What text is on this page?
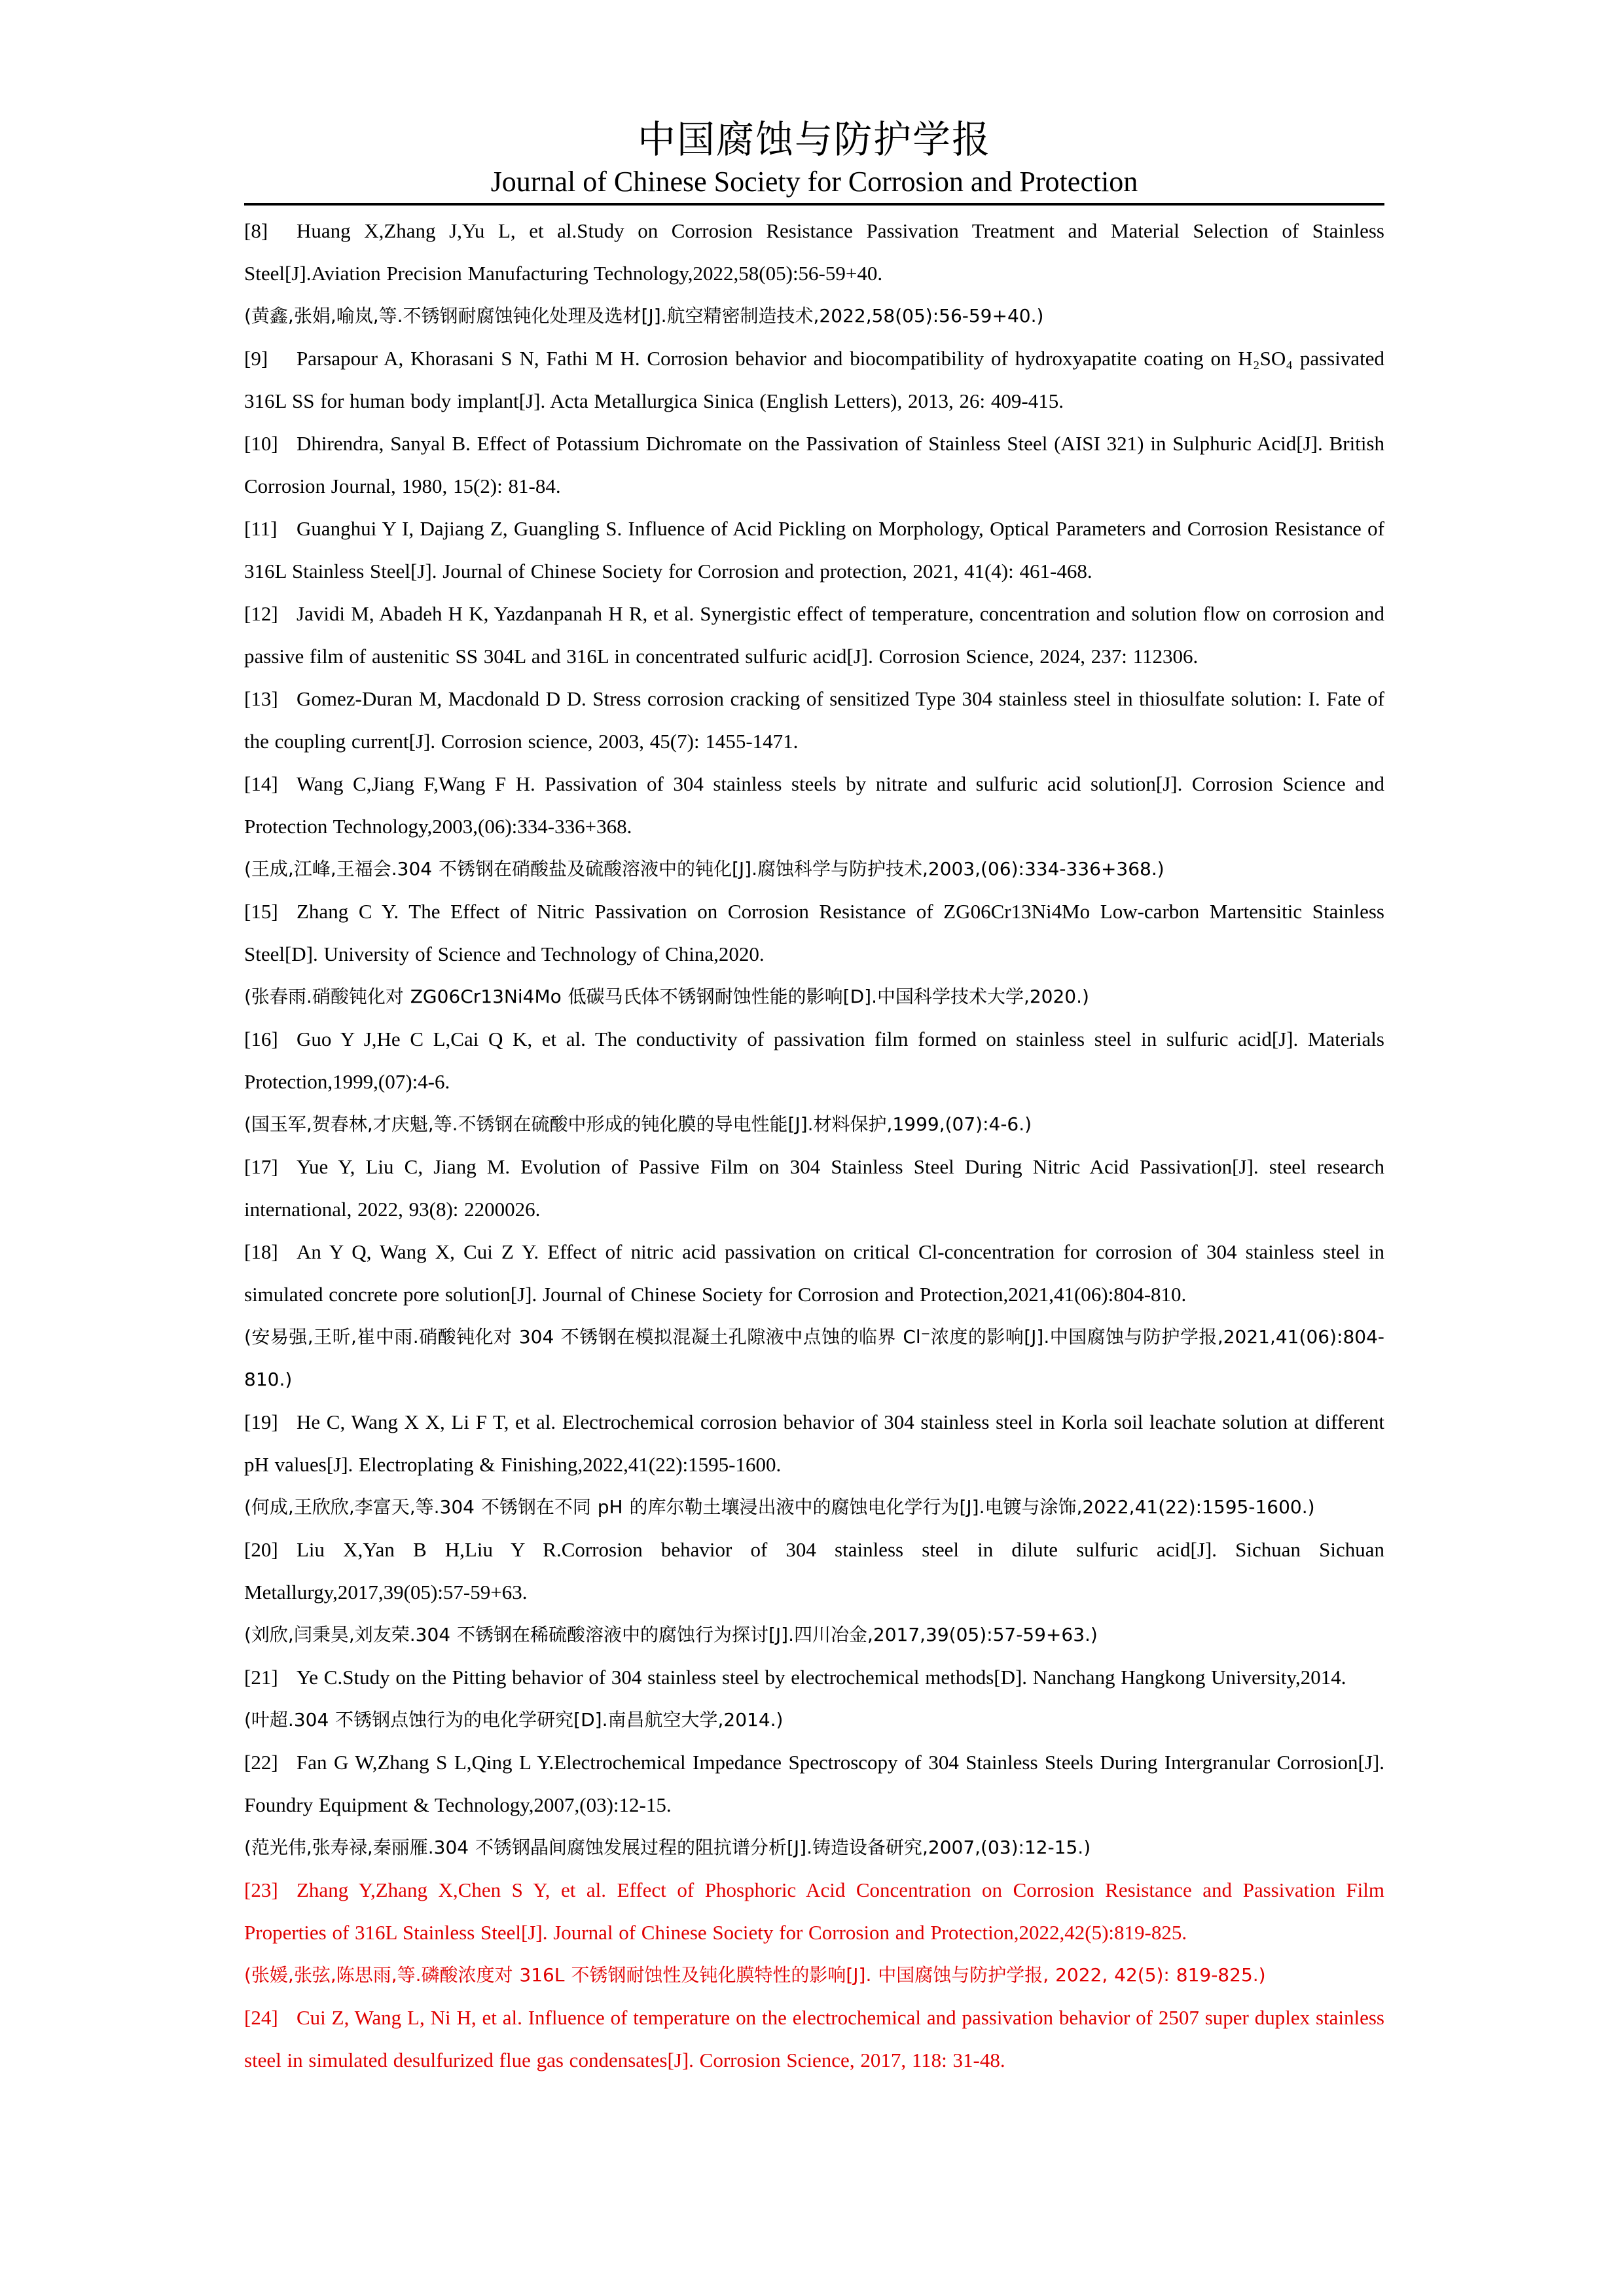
中国腐蚀与防护学报
Journal of Chinese Society for Corrosion and Protection

[8] Huang X,Zhang J,Yu L, et al.Study on Corrosion Resistance Passivation Treatment and Material Selection of Stainless Steel[J].Aviation Precision Manufacturing Technology,2022,58(05):56-59+40.

(黄鑫,张娟,喻岚,等.不锈钢耐腐蚀钝化处理及选材[J].航空精密制造技术,2022,58(05):56-59+40.)

[9] Parsapour A, Khorasani S N, Fathi M H. Corrosion behavior and biocompatibility of hydroxyapatite coating on H₂SO₄ passivated 316L SS for human body implant[J]. Acta Metallurgica Sinica (English Letters), 2013, 26: 409-415.

[10] Dhirendra, Sanyal B. Effect of Potassium Dichromate on the Passivation of Stainless Steel (AISI 321) in Sulphuric Acid[J]. British Corrosion Journal, 1980, 15(2): 81-84.

[11] Guanghui Y I, Dajiang Z, Guangling S. Influence of Acid Pickling on Morphology, Optical Parameters and Corrosion Resistance of 316L Stainless Steel[J]. Journal of Chinese Society for Corrosion and protection, 2021, 41(4): 461-468.

[12] Javidi M, Abadeh H K, Yazdanpanah H R, et al. Synergistic effect of temperature, concentration and solution flow on corrosion and passive film of austenitic SS 304L and 316L in concentrated sulfuric acid[J]. Corrosion Science, 2024, 237: 112306.

[13] Gomez-Duran M, Macdonald D D. Stress corrosion cracking of sensitized Type 304 stainless steel in thiosulfate solution: I. Fate of the coupling current[J]. Corrosion science, 2003, 45(7): 1455-1471.

[14] Wang C,Jiang F,Wang F H. Passivation of 304 stainless steels by nitrate and sulfuric acid solution[J]. Corrosion Science and Protection Technology,2003,(06):334-336+368.

(王成,江峰,王福会.304 不锈钢在硝酸盐及硫酸溶液中的钝化[J].腐蚀科学与防护技术,2003,(06):334-336+368.)

[15] Zhang C Y. The Effect of Nitric Passivation on Corrosion Resistance of ZG06Cr13Ni4Mo Low-carbon Martensitic Stainless Steel[D]. University of Science and Technology of China,2020.

(张春雨.硝酸钝化对 ZG06Cr13Ni4Mo 低碳马氏体不锈钢耐蚀性能的影响[D].中国科学技术大学,2020.)

[16] Guo Y J,He C L,Cai Q K, et al. The conductivity of passivation film formed on stainless steel in sulfuric acid[J]. Materials Protection,1999,(07):4-6.

(国玉军,贺春林,才庆魁,等.不锈钢在硫酸中形成的钝化膜的导电性能[J].材料保护,1999,(07):4-6.)

[17] Yue Y, Liu C, Jiang M. Evolution of Passive Film on 304 Stainless Steel During Nitric Acid Passivation[J]. steel research international, 2022, 93(8): 2200026.

[18] An Y Q, Wang X, Cui Z Y. Effect of nitric acid passivation on critical Cl-concentration for corrosion of 304 stainless steel in simulated concrete pore solution[J]. Journal of Chinese Society for Corrosion and Protection,2021,41(06):804-810.

(安易强,王昕,崔中雨.硝酸钝化对 304 不锈钢在模拟混凝土孔隙液中点蚀的临界 Cl⁻浓度的影响[J].中国腐蚀与防护学报,2021,41(06):804-810.)

[19] He C, Wang X X, Li F T, et al. Electrochemical corrosion behavior of 304 stainless steel in Korla soil leachate solution at different pH values[J]. Electroplating & Finishing,2022,41(22):1595-1600.

(何成,王欣欣,李富天,等.304 不锈钢在不同 pH 的库尔勒土壤浸出液中的腐蚀电化学行为[J].电镀与涂饰,2022,41(22):1595-1600.)

[20] Liu X,Yan B H,Liu Y R.Corrosion behavior of 304 stainless steel in dilute sulfuric acid[J]. Sichuan Sichuan Metallurgy,2017,39(05):57-59+63.

(刘欣,闫秉昊,刘友荣.304 不锈钢在稀硫酸溶液中的腐蚀行为探讨[J].四川冶金,2017,39(05):57-59+63.)

[21] Ye C.Study on the Pitting behavior of 304 stainless steel by electrochemical methods[D]. Nanchang Hangkong University,2014.

(叶超.304 不锈钢点蚀行为的电化学研究[D].南昌航空大学,2014.)

[22] Fan G W,Zhang S L,Qing L Y.Electrochemical Impedance Spectroscopy of 304 Stainless Steels During Intergranular Corrosion[J]. Foundry Equipment & Technology,2007,(03):12-15.

(范光伟,张寿禄,秦丽雁.304 不锈钢晶间腐蚀发展过程的阻抗谱分析[J].铸造设备研究,2007,(03):12-15.)

[23] Zhang Y,Zhang X,Chen S Y, et al. Effect of Phosphoric Acid Concentration on Corrosion Resistance and Passivation Film Properties of 316L Stainless Steel[J]. Journal of Chinese Society for Corrosion and Protection,2022,42(5):819-825.

(张媛,张弦,陈思雨,等.磷酸浓度对 316L 不锈钢耐蚀性及钝化膜特性的影响[J]. 中国腐蚀与防护学报, 2022, 42(5): 819-825.)

[24] Cui Z, Wang L, Ni H, et al. Influence of temperature on the electrochemical and passivation behavior of 2507 super duplex stainless steel in simulated desulfurized flue gas condensates[J]. Corrosion Science, 2017, 118: 31-48.
